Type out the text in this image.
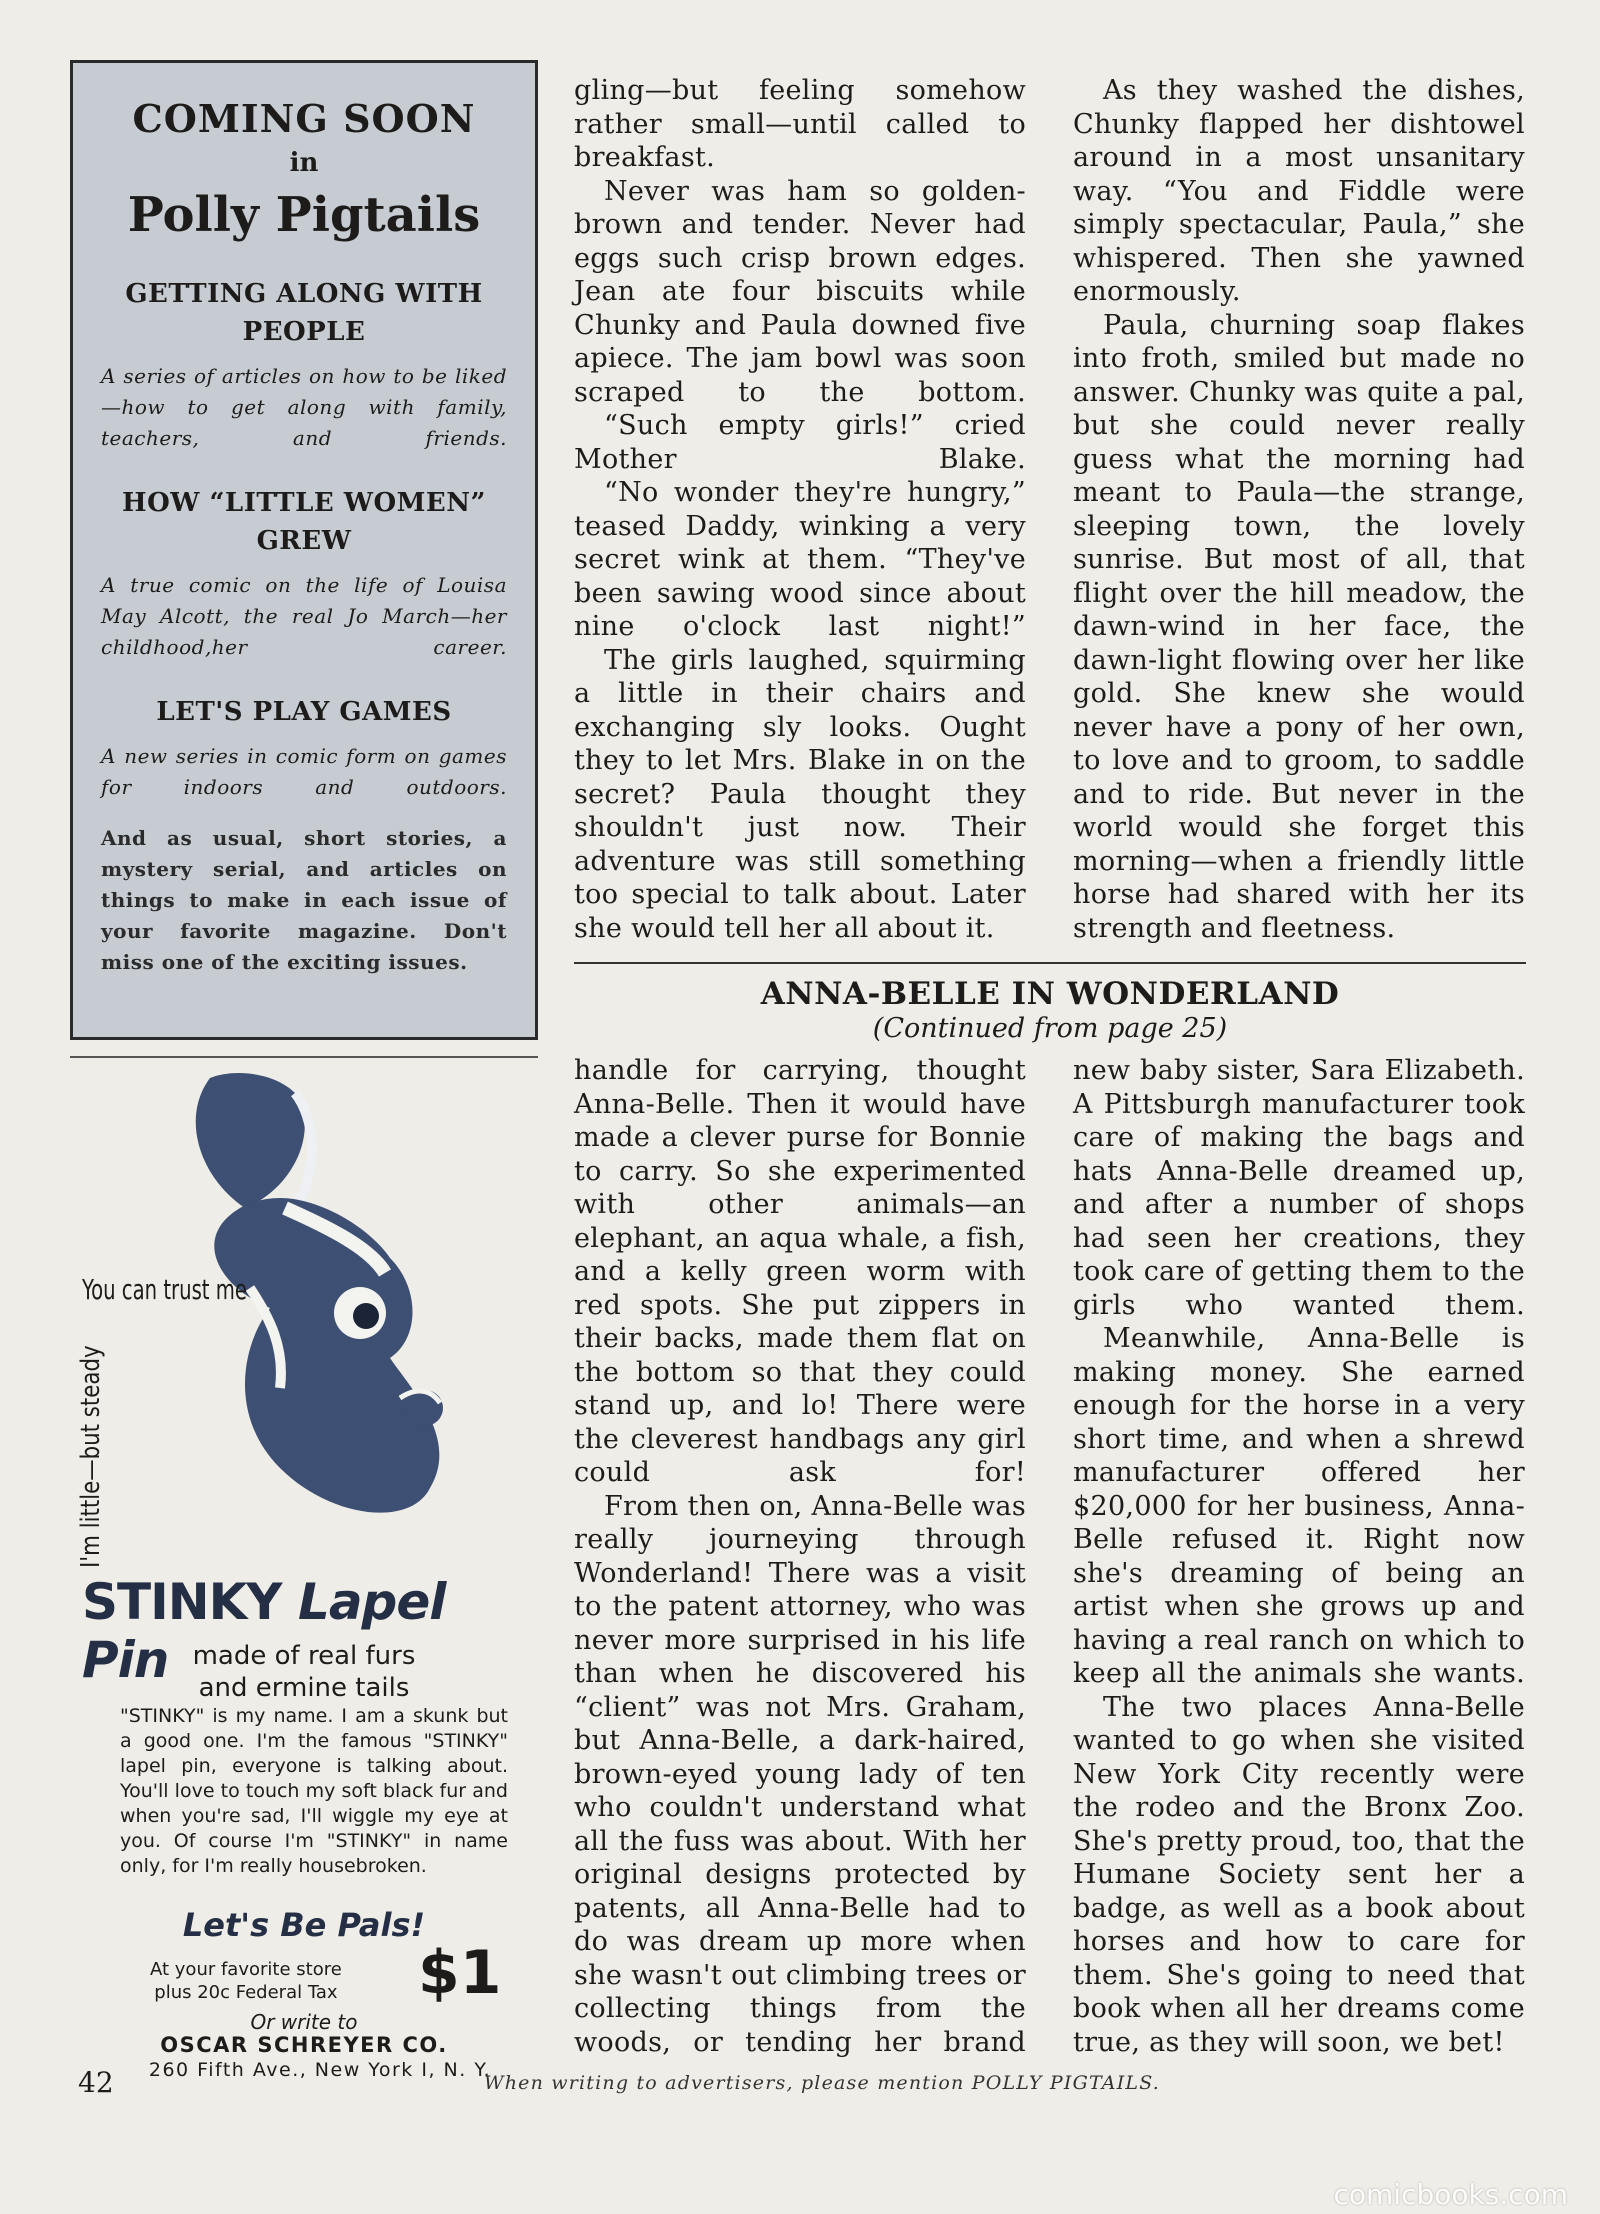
COMING SOON
in
Polly Pigtails
GETTING ALONG WITH PEOPLE
A series of articles on how to be liked—how to get along with family, teachers, and friends.
HOW “LITTLE WOMEN” GREW
A true comic on the life of Louisa May Alcott, the real Jo March—her childhood,her career.
LET'S PLAY GAMES
A new series in comic form on games for indoors and outdoors.
And as usual, short stories, a mystery serial, and articles on things to make in each issue of your favorite magazine. Don't miss one of the exciting issues.
You can trust me
I'm little—but steady
STINKY Lapel Pin made of real furs
and ermine tails
"STINKY" is my name. I am a skunk but a good one. I'm the famous "STINKY" lapel pin, everyone is talking about. You'll love to touch my soft black fur and when you're sad, I'll wiggle my eye at you. Of course I'm "STINKY" in name only, for I'm really housebroken.
Let's Be Pals!
At your favorite store
plus 20c Federal Tax $1
Or write to
OSCAR SCHREYER CO.
260 Fifth Ave., New York I, N. Y.

gling—but feeling somehow rather small—until called to breakfast.

Never was ham so golden-brown and tender. Never had eggs such crisp brown edges. Jean ate four biscuits while Chunky and Paula downed five apiece. The jam bowl was soon scraped to the bottom.

“Such empty girls!” cried Mother Blake.

“No wonder they're hungry,” teased Daddy, winking a very secret wink at them. “They've been sawing wood since about nine o'clock last night!”

The girls laughed, squirming a little in their chairs and exchanging sly looks. Ought they to let Mrs. Blake in on the secret? Paula thought they shouldn't just now. Their adventure was still something too special to talk about. Later she would tell her all about it.

As they washed the dishes, Chunky flapped her dishtowel around in a most unsanitary way. “You and Fiddle were simply spectacular, Paula,” she whispered. Then she yawned enormously.

Paula, churning soap flakes into froth, smiled but made no answer. Chunky was quite a pal, but she could never really guess what the morning had meant to Paula—the strange, sleeping town, the lovely sunrise. But most of all, that flight over the hill meadow, the dawn-wind in her face, the dawn-light flowing over her like gold. She knew she would never have a pony of her own, to love and to groom, to saddle and to ride. But never in the world would she forget this morning—when a friendly little horse had shared with her its strength and fleetness.

ANNA-BELLE IN WONDERLAND
(Continued from page 25)

handle for carrying, thought Anna-Belle. Then it would have made a clever purse for Bonnie to carry. So she experimented with other animals—an elephant, an aqua whale, a fish, and a kelly green worm with red spots. She put zippers in their backs, made them flat on the bottom so that they could stand up, and lo! There were the cleverest handbags any girl could ask for!

From then on, Anna-Belle was really journeying through Wonderland! There was a visit to the patent attorney, who was never more surprised in his life than when he discovered his “client” was not Mrs. Graham, but Anna-Belle, a dark-haired, brown-eyed young lady of ten who couldn't understand what all the fuss was about. With her original designs protected by patents, all Anna-Belle had to do was dream up more when she wasn't out climbing trees or collecting things from the woods, or tending her brand

new baby sister, Sara Elizabeth. A Pittsburgh manufacturer took care of making the bags and hats Anna-Belle dreamed up, and after a number of shops had seen her creations, they took care of getting them to the girls who wanted them.

Meanwhile, Anna-Belle is making money. She earned enough for the horse in a very short time, and when a shrewd manufacturer offered her $20,000 for her business, Anna-Belle refused it. Right now she's dreaming of being an artist when she grows up and having a real ranch on which to keep all the animals she wants.

The two places Anna-Belle wanted to go when she visited New York City recently were the rodeo and the Bronx Zoo. She's pretty proud, too, that the Humane Society sent her a badge, as well as a book about horses and how to care for them. She's going to need that book when all her dreams come true, as they will soon, we bet!

42	When writing to advertisers, please mention POLLY PIGTAILS.
comicbooks.com
